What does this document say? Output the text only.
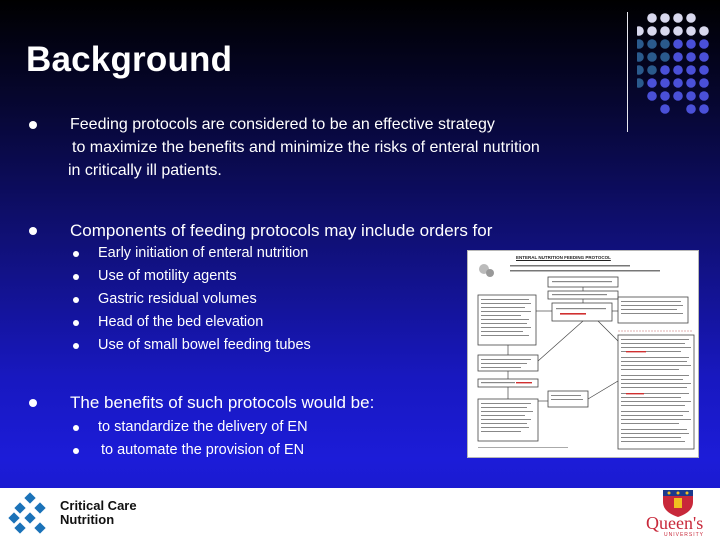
Background
Feeding protocols are considered to be an effective strategy
to maximize the benefits and minimize the risks of enteral nutrition
in critically ill patients.
Components of feeding protocols may include orders for
Early initiation of enteral nutrition
Use of motility agents
Gastric residual volumes
Head of the bed elevation
Use of small bowel feeding tubes
The benefits of such protocols would be:
to standardize the delivery of EN
to automate the provision of EN
ENTERAL NUTRITION FEEDING PROTOCOL
Critical Care
Nutrition	Queen's
UNIVERSITY
